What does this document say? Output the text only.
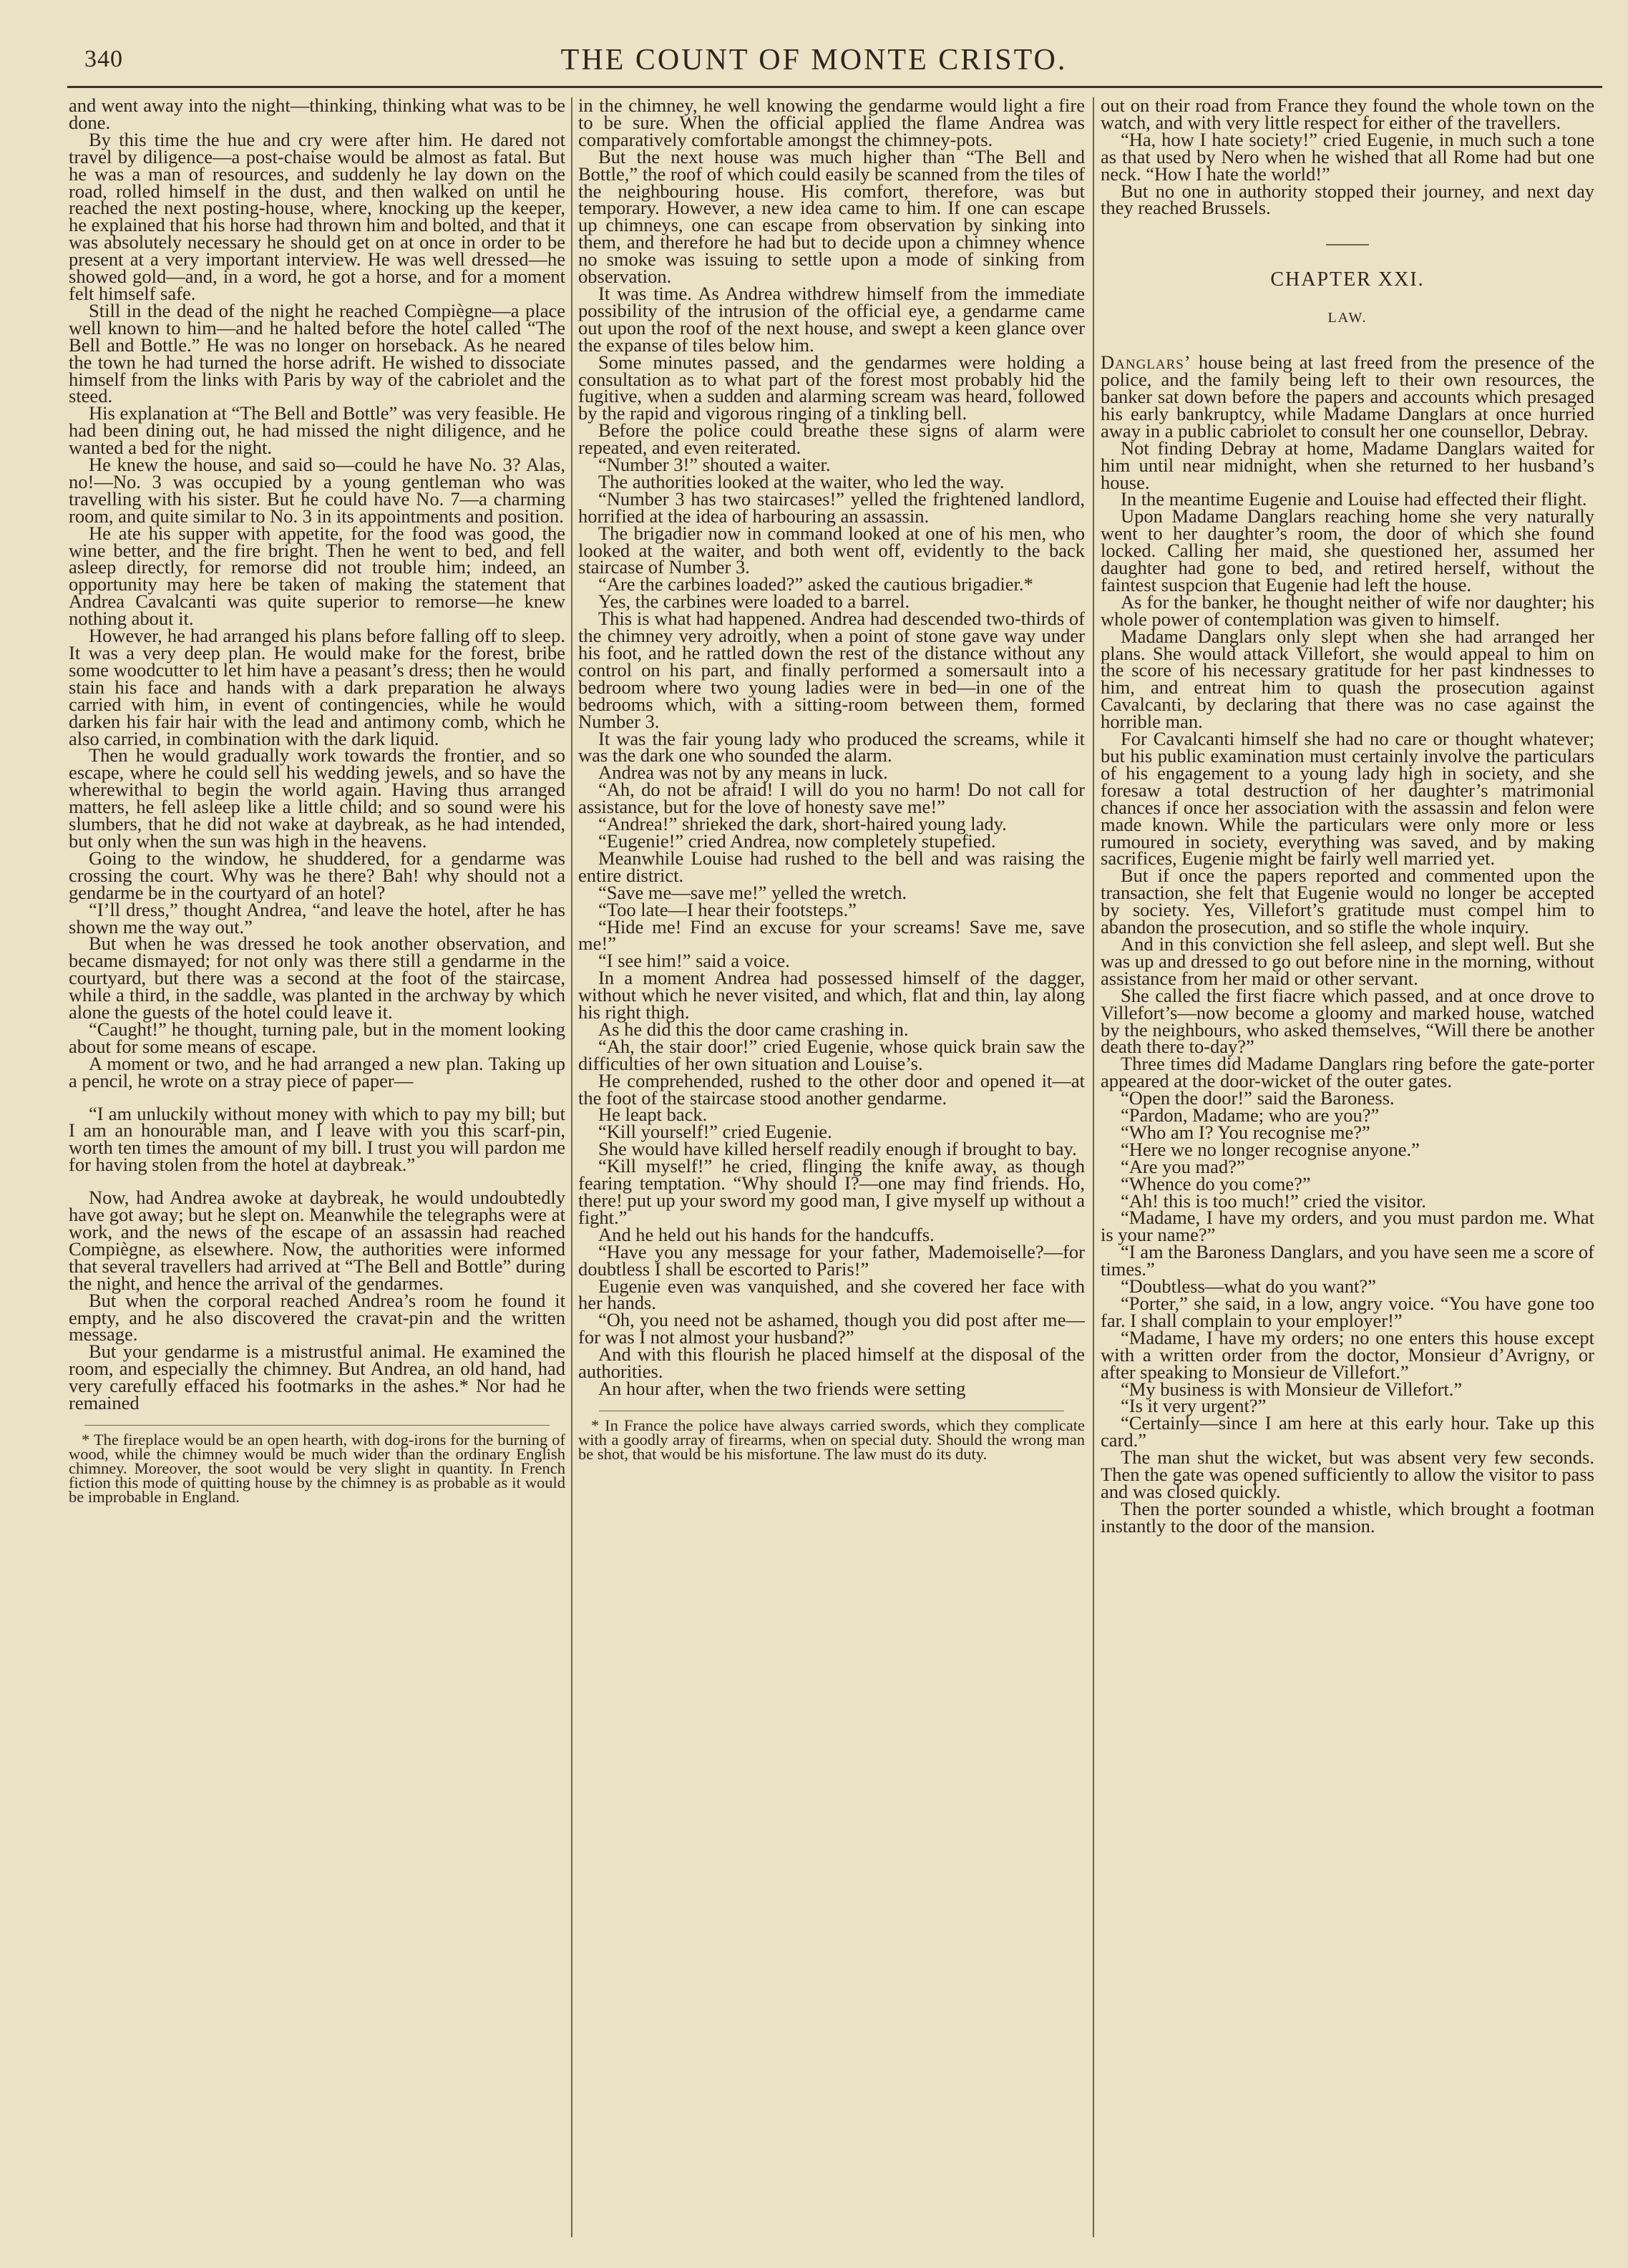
340	THE COUNT OF MONTE CRISTO.

and went away into the night—thinking, thinking what was to be done.

By this time the hue and cry were after him. He dared not travel by diligence—a post-chaise would be almost as fatal. But he was a man of resources, and suddenly he lay down on the road, rolled himself in the dust, and then walked on until he reached the next posting-house, where, knocking up the keeper, he explained that his horse had thrown him and bolted, and that it was absolutely necessary he should get on at once in order to be present at a very important interview. He was well dressed—he showed gold—and, in a word, he got a horse, and for a moment felt himself safe.

Still in the dead of the night he reached Compiègne—a place well known to him—and he halted before the hotel called “The Bell and Bottle.” He was no longer on horseback. As he neared the town he had turned the horse adrift. He wished to dissociate himself from the links with Paris by way of the cabriolet and the steed.

His explanation at “The Bell and Bottle” was very feasible. He had been dining out, he had missed the night diligence, and he wanted a bed for the night.

He knew the house, and said so—could he have No. 3? Alas, no!—No. 3 was occupied by a young gentleman who was travelling with his sister. But he could have No. 7—a charming room, and quite similar to No. 3 in its appointments and position.

He ate his supper with appetite, for the food was good, the wine better, and the fire bright. Then he went to bed, and fell asleep directly, for remorse did not trouble him; indeed, an opportunity may here be taken of making the statement that Andrea Cavalcanti was quite superior to remorse—he knew nothing about it.

However, he had arranged his plans before falling off to sleep. It was a very deep plan. He would make for the forest, bribe some woodcutter to let him have a peasant’s dress; then he would stain his face and hands with a dark preparation he always carried with him, in event of contingencies, while he would darken his fair hair with the lead and antimony comb, which he also carried, in combination with the dark liquid.

Then he would gradually work towards the frontier, and so escape, where he could sell his wedding jewels, and so have the wherewithal to begin the world again. Having thus arranged matters, he fell asleep like a little child; and so sound were his slumbers, that he did not wake at daybreak, as he had intended, but only when the sun was high in the heavens.

Going to the window, he shuddered, for a gendarme was crossing the court. Why was he there? Bah! why should not a gendarme be in the courtyard of an hotel?

“I’ll dress,” thought Andrea, “and leave the hotel, after he has shown me the way out.”

But when he was dressed he took another observation, and became dismayed; for not only was there still a gendarme in the courtyard, but there was a second at the foot of the staircase, while a third, in the saddle, was planted in the archway by which alone the guests of the hotel could leave it.

“Caught!” he thought, turning pale, but in the moment looking about for some means of escape.

A moment or two, and he had arranged a new plan. Taking up a pencil, he wrote on a stray piece of paper—

“I am unluckily without money with which to pay my bill; but I am an honourable man, and I leave with you this scarf-pin, worth ten times the amount of my bill. I trust you will pardon me for having stolen from the hotel at daybreak.”

Now, had Andrea awoke at daybreak, he would undoubtedly have got away; but he slept on. Meanwhile the telegraphs were at work, and the news of the escape of an assassin had reached Compiègne, as elsewhere. Now, the authorities were informed that several travellers had arrived at “The Bell and Bottle” during the night, and hence the arrival of the gendarmes.

But when the corporal reached Andrea’s room he found it empty, and he also discovered the cravat-pin and the written message.

But your gendarme is a mistrustful animal. He examined the room, and especially the chimney. But Andrea, an old hand, had very carefully effaced his footmarks in the ashes.* Nor had he remained

* The fireplace would be an open hearth, with dog-irons for the burning of wood, while the chimney would be much wider than the ordinary English chimney. Moreover, the soot would be very slight in quantity. In French fiction this mode of quitting house by the chimney is as probable as it would be improbable in England.

in the chimney, he well knowing the gendarme would light a fire to be sure. When the official applied the flame Andrea was comparatively comfortable amongst the chimney-pots.

But the next house was much higher than “The Bell and Bottle,” the roof of which could easily be scanned from the tiles of the neighbouring house. His comfort, therefore, was but temporary. However, a new idea came to him. If one can escape up chimneys, one can escape from observation by sinking into them, and therefore he had but to decide upon a chimney whence no smoke was issuing to settle upon a mode of sinking from observation.

It was time. As Andrea withdrew himself from the immediate possibility of the intrusion of the official eye, a gendarme came out upon the roof of the next house, and swept a keen glance over the expanse of tiles below him.

Some minutes passed, and the gendarmes were holding a consultation as to what part of the forest most probably hid the fugitive, when a sudden and alarming scream was heard, followed by the rapid and vigorous ringing of a tinkling bell.

Before the police could breathe these signs of alarm were repeated, and even reiterated.

“Number 3!” shouted a waiter.

The authorities looked at the waiter, who led the way.

“Number 3 has two staircases!” yelled the frightened landlord, horrified at the idea of harbouring an assassin.

The brigadier now in command looked at one of his men, who looked at the waiter, and both went off, evidently to the back staircase of Number 3.

“Are the carbines loaded?” asked the cautious brigadier.*

Yes, the carbines were loaded to a barrel.

This is what had happened. Andrea had descended two-thirds of the chimney very adroitly, when a point of stone gave way under his foot, and he rattled down the rest of the distance without any control on his part, and finally performed a somersault into a bedroom where two young ladies were in bed—in one of the bedrooms which, with a sitting-room between them, formed Number 3.

It was the fair young lady who produced the screams, while it was the dark one who sounded the alarm.

Andrea was not by any means in luck.

“Ah, do not be afraid! I will do you no harm! Do not call for assistance, but for the love of honesty save me!”

“Andrea!” shrieked the dark, short-haired young lady.

“Eugenie!” cried Andrea, now completely stupefied.

Meanwhile Louise had rushed to the bell and was raising the entire district.

“Save me—save me!” yelled the wretch.

“Too late—I hear their footsteps.”

“Hide me! Find an excuse for your screams! Save me, save me!”

“I see him!” said a voice.

In a moment Andrea had possessed himself of the dagger, without which he never visited, and which, flat and thin, lay along his right thigh.

As he did this the door came crashing in.

“Ah, the stair door!” cried Eugenie, whose quick brain saw the difficulties of her own situation and Louise’s.

He comprehended, rushed to the other door and opened it—at the foot of the staircase stood another gendarme.

He leapt back.

“Kill yourself!” cried Eugenie.

She would have killed herself readily enough if brought to bay.

“Kill myself!” he cried, flinging the knife away, as though fearing temptation. “Why should I?—one may find friends. Ho, there! put up your sword my good man, I give myself up without a fight.”

And he held out his hands for the handcuffs.

“Have you any message for your father, Mademoiselle?—for doubtless I shall be escorted to Paris!”

Eugenie even was vanquished, and she covered her face with her hands.

“Oh, you need not be ashamed, though you did post after me—for was I not almost your husband?”

And with this flourish he placed himself at the disposal of the authorities.

An hour after, when the two friends were setting

* In France the police have always carried swords, which they complicate with a goodly array of firearms, when on special duty. Should the wrong man be shot, that would be his misfortune. The law must do its duty.

out on their road from France they found the whole town on the watch, and with very little respect for either of the travellers.

“Ha, how I hate society!” cried Eugenie, in much such a tone as that used by Nero when he wished that all Rome had but one neck. “How I hate the world!”

But no one in authority stopped their journey, and next day they reached Brussels.

CHAPTER XXI.

LAW.

Danglars’ house being at last freed from the presence of the police, and the family being left to their own resources, the banker sat down before the papers and accounts which presaged his early bankruptcy, while Madame Danglars at once hurried away in a public cabriolet to consult her one counsellor, Debray.

Not finding Debray at home, Madame Danglars waited for him until near midnight, when she returned to her husband’s house.

In the meantime Eugenie and Louise had effected their flight.

Upon Madame Danglars reaching home she very naturally went to her daughter’s room, the door of which she found locked. Calling her maid, she questioned her, assumed her daughter had gone to bed, and retired herself, without the faintest suspcion that Eugenie had left the house.

As for the banker, he thought neither of wife nor daughter; his whole power of contemplation was given to himself.

Madame Danglars only slept when she had arranged her plans. She would attack Villefort, she would appeal to him on the score of his necessary gratitude for her past kindnesses to him, and entreat him to quash the prosecution against Cavalcanti, by declaring that there was no case against the horrible man.

For Cavalcanti himself she had no care or thought whatever; but his public examination must certainly involve the particulars of his engagement to a young lady high in society, and she foresaw a total destruction of her daughter’s matrimonial chances if once her association with the assassin and felon were made known. While the particulars were only more or less rumoured in society, everything was saved, and by making sacrifices, Eugenie might be fairly well married yet.

But if once the papers reported and commented upon the transaction, she felt that Eugenie would no longer be accepted by society. Yes, Villefort’s gratitude must compel him to abandon the prosecution, and so stifle the whole inquiry.

And in this conviction she fell asleep, and slept well. But she was up and dressed to go out before nine in the morning, without assistance from her maid or other servant.

She called the first fiacre which passed, and at once drove to Villefort’s—now become a gloomy and marked house, watched by the neighbours, who asked themselves, “Will there be another death there to-day?”

Three times did Madame Danglars ring before the gate-porter appeared at the door-wicket of the outer gates.

“Open the door!” said the Baroness.

“Pardon, Madame; who are you?”

“Who am I? You recognise me?”

“Here we no longer recognise anyone.”

“Are you mad?”

“Whence do you come?”

“Ah! this is too much!” cried the visitor.

“Madame, I have my orders, and you must pardon me. What is your name?”

“I am the Baroness Danglars, and you have seen me a score of times.”

“Doubtless—what do you want?”

“Porter,” she said, in a low, angry voice. “You have gone too far. I shall complain to your employer!”

“Madame, I have my orders; no one enters this house except with a written order from the doctor, Monsieur d’Avrigny, or after speaking to Monsieur de Villefort.”

“My business is with Monsieur de Villefort.”

“Is it very urgent?”

“Certainly—since I am here at this early hour. Take up this card.”

The man shut the wicket, but was absent very few seconds. Then the gate was opened sufficiently to allow the visitor to pass and was closed quickly.

Then the porter sounded a whistle, which brought a footman instantly to the door of the mansion.
